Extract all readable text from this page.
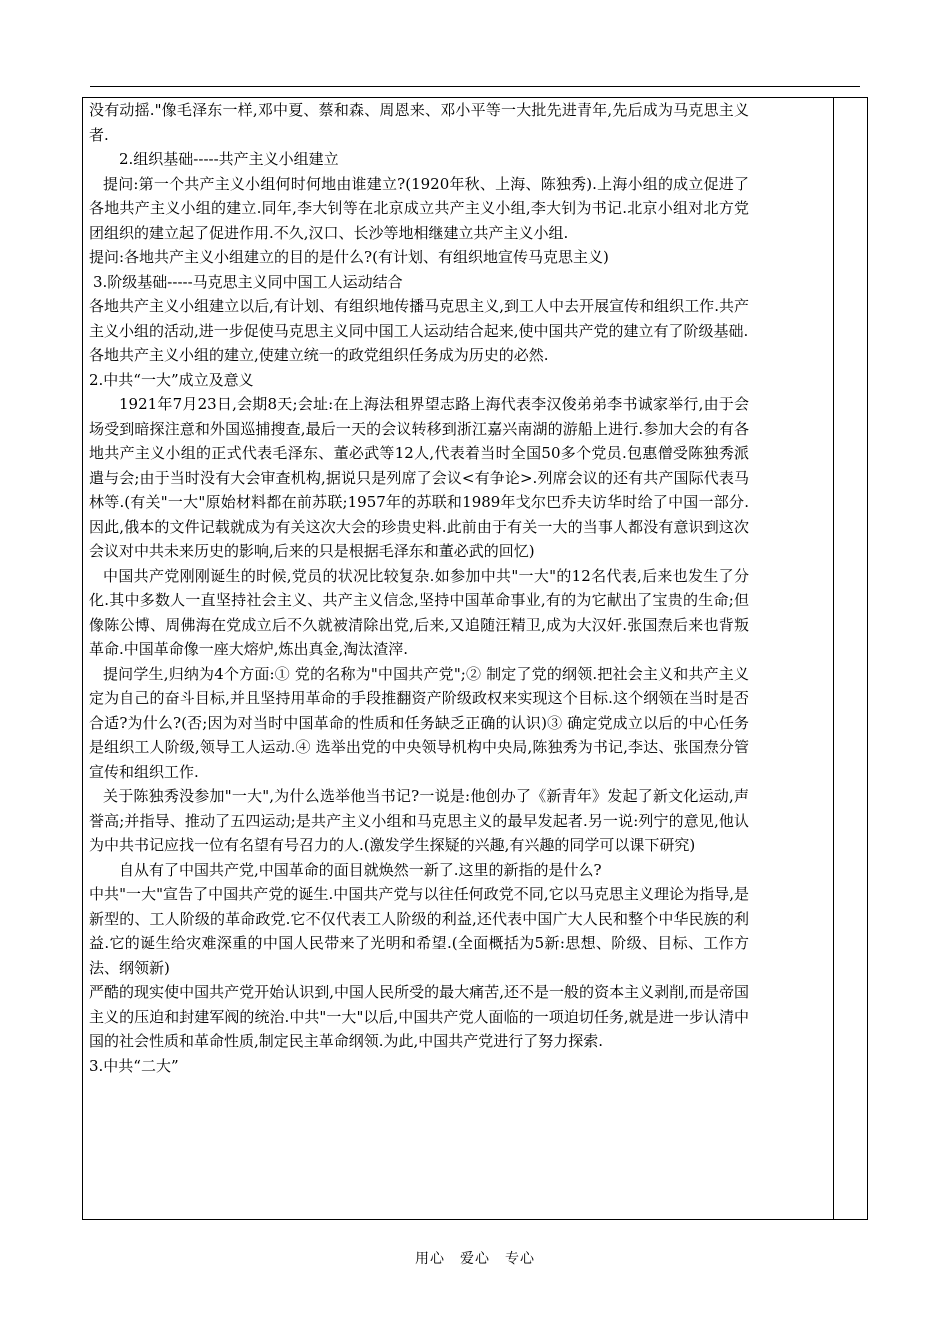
没有动摇."像毛泽东一样,邓中夏、蔡和森、周恩来、邓小平等一大批先进青年,先后成为马克思主义者.

2.组织基础-----共产主义小组建立

提问:第一个共产主义小组何时何地由谁建立?(1920年秋、上海、陈独秀).上海小组的成立促进了各地共产主义小组的建立.同年,李大钊等在北京成立共产主义小组,李大钊为书记.北京小组对北方党团组织的建立起了促进作用.不久,汉口、长沙等地相继建立共产主义小组.

提问:各地共产主义小组建立的目的是什么?(有计划、有组织地宣传马克思主义)

3.阶级基础-----马克思主义同中国工人运动结合

各地共产主义小组建立以后,有计划、有组织地传播马克思主义,到工人中去开展宣传和组织工作.共产主义小组的活动,进一步促使马克思主义同中国工人运动结合起来,使中国共产党的建立有了阶级基础.

各地共产主义小组的建立,使建立统一的政党组织任务成为历史的必然.

2.中共“一大”成立及意义

1921年7月23日,会期8天;会址:在上海法租界望志路上海代表李汉俊弟弟李书诚家举行,由于会场受到暗探注意和外国巡捕搜查,最后一天的会议转移到浙江嘉兴南湖的游船上进行.参加大会的有各地共产主义小组的正式代表毛泽东、董必武等12人,代表着当时全国50多个党员.包惠僧受陈独秀派遣与会;由于当时没有大会审查机构,据说只是列席了会议<有争论>.列席会议的还有共产国际代表马林等.(有关"一大"原始材料都在前苏联;1957年的苏联和1989年戈尔巴乔夫访华时给了中国一部分.因此,俄本的文件记载就成为有关这次大会的珍贵史料.此前由于有关一大的当事人都没有意识到这次会议对中共未来历史的影响,后来的只是根据毛泽东和董必武的回忆)

中国共产党刚刚诞生的时候,党员的状况比较复杂.如参加中共"一大"的12名代表,后来也发生了分化.其中多数人一直坚持社会主义、共产主义信念,坚持中国革命事业,有的为它献出了宝贵的生命;但像陈公博、周佛海在党成立后不久就被清除出党,后来,又追随汪精卫,成为大汉奸.张国焘后来也背叛革命.中国革命像一座大熔炉,炼出真金,淘汰渣滓.

提问学生,归纳为4个方面:① 党的名称为"中国共产党";② 制定了党的纲领.把社会主义和共产主义定为自己的奋斗目标,并且坚持用革命的手段推翻资产阶级政权来实现这个目标.这个纲领在当时是否合适?为什么?(否;因为对当时中国革命的性质和任务缺乏正确的认识)③ 确定党成立以后的中心任务是组织工人阶级,领导工人运动.④ 选举出党的中央领导机构中央局,陈独秀为书记,李达、张国焘分管宣传和组织工作.

关于陈独秀没参加"一大",为什么选举他当书记?一说是:他创办了《新青年》发起了新文化运动,声誉高;并指导、推动了五四运动;是共产主义小组和马克思主义的最早发起者.另一说:列宁的意见,他认为中共书记应找一位有名望有号召力的人.(激发学生探疑的兴趣,有兴趣的同学可以课下研究)

自从有了中国共产党,中国革命的面目就焕然一新了.这里的新指的是什么?

中共"一大"宣告了中国共产党的诞生.中国共产党与以往任何政党不同,它以马克思主义理论为指导,是新型的、工人阶级的革命政党.它不仅代表工人阶级的利益,还代表中国广大人民和整个中华民族的利益.它的诞生给灾难深重的中国人民带来了光明和希望.(全面概括为5新:思想、阶级、目标、工作方法、纲领新)

严酷的现实使中国共产党开始认识到,中国人民所受的最大痛苦,还不是一般的资本主义剥削,而是帝国主义的压迫和封建军阀的统治.中共"一大"以后,中国共产党人面临的一项迫切任务,就是进一步认清中国的社会性质和革命性质,制定民主革命纲领.为此,中国共产党进行了努力探索.

3.中共“二大”

用心　爱心　专心
